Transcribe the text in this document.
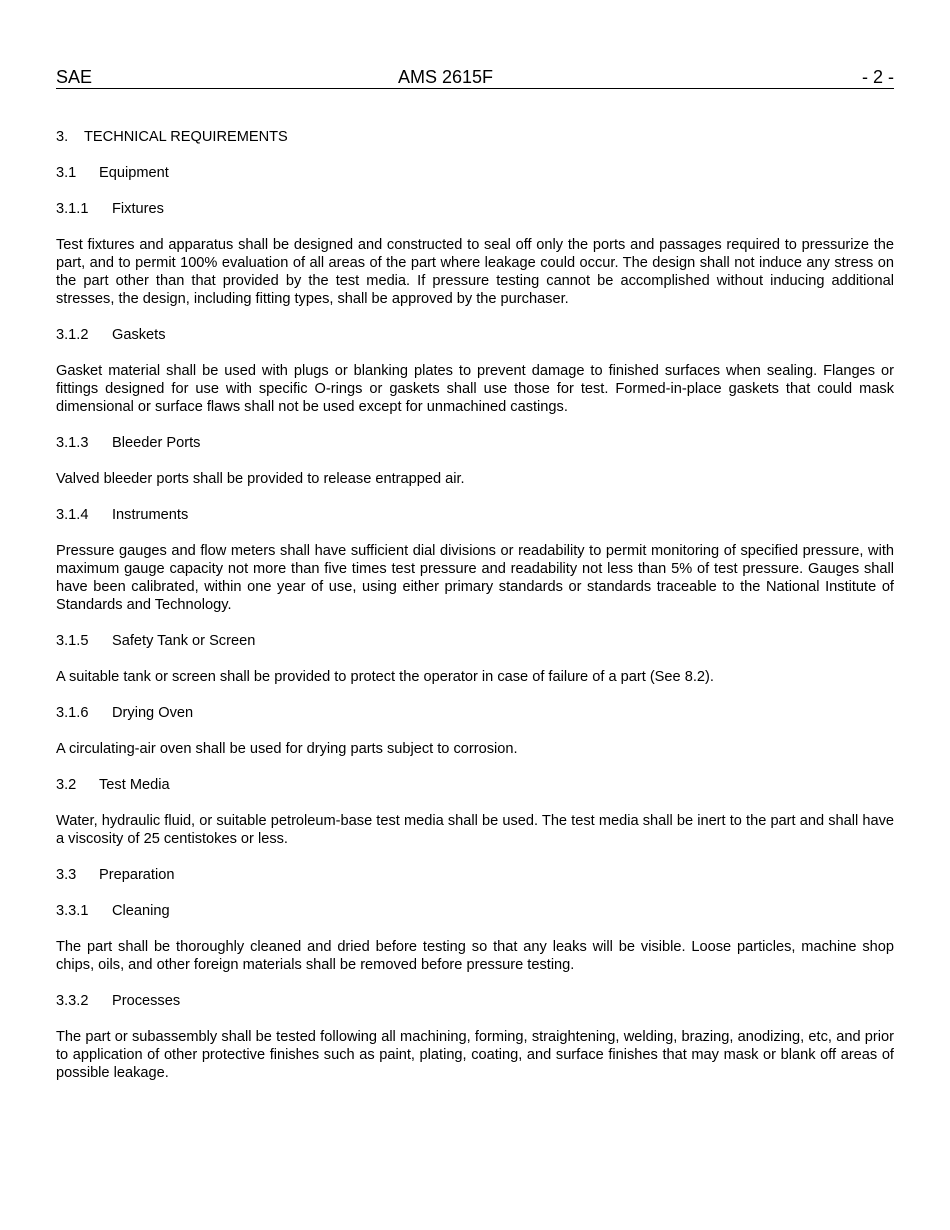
SAE	AMS 2615F	- 2 -
3. TECHNICAL REQUIREMENTS
3.1 Equipment
3.1.1 Fixtures
Test fixtures and apparatus shall be designed and constructed to seal off only the ports and passages required to pressurize the part, and to permit 100% evaluation of all areas of the part where leakage could occur. The design shall not induce any stress on the part other than that provided by the test media. If pressure testing cannot be accomplished without inducing additional stresses, the design, including fitting types, shall be approved by the purchaser.
3.1.2 Gaskets
Gasket material shall be used with plugs or blanking plates to prevent damage to finished surfaces when sealing. Flanges or fittings designed for use with specific O-rings or gaskets shall use those for test. Formed-in-place gaskets that could mask dimensional or surface flaws shall not be used except for unmachined castings.
3.1.3 Bleeder Ports
Valved bleeder ports shall be provided to release entrapped air.
3.1.4 Instruments
Pressure gauges and flow meters shall have sufficient dial divisions or readability to permit monitoring of specified pressure, with maximum gauge capacity not more than five times test pressure and readability not less than 5% of test pressure. Gauges shall have been calibrated, within one year of use, using either primary standards or standards traceable to the National Institute of Standards and Technology.
3.1.5 Safety Tank or Screen
A suitable tank or screen shall be provided to protect the operator in case of failure of a part (See 8.2).
3.1.6 Drying Oven
A circulating-air oven shall be used for drying parts subject to corrosion.
3.2 Test Media
Water, hydraulic fluid, or suitable petroleum-base test media shall be used. The test media shall be inert to the part and shall have a viscosity of 25 centistokes or less.
3.3 Preparation
3.3.1 Cleaning
The part shall be thoroughly cleaned and dried before testing so that any leaks will be visible. Loose particles, machine shop chips, oils, and other foreign materials shall be removed before pressure testing.
3.3.2 Processes
The part or subassembly shall be tested following all machining, forming, straightening, welding, brazing, anodizing, etc, and prior to application of other protective finishes such as paint, plating, coating, and surface finishes that may mask or blank off areas of possible leakage.
